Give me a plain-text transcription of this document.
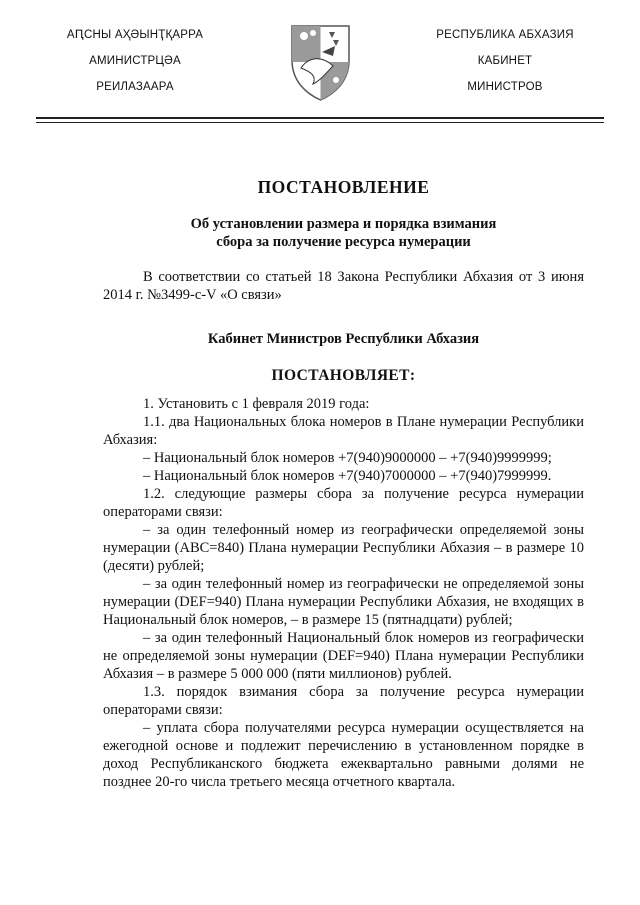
АԤСНЫ АҲӘЫНҬҚАРРА
АМИНИСТРЦӘА
РЕИЛАЗААРА
РЕСПУБЛИКА АБХАЗИЯ
КАБИНЕТ
МИНИСТРОВ

ПОСТАНОВЛЕНИЕ

Об установлении размера и порядка взимания
сбора за получение ресурса нумерации

В соответствии со статьей 18 Закона Республики Абхазия от 3 июня 2014 г. №3499-с-V «О связи»

Кабинет Министров Республики Абхазия
ПОСТАНОВЛЯЕТ:

1. Установить с 1 февраля 2019 года:

1.1. два Национальных блока номеров в Плане нумерации Республики Абхазия:

– Национальный блок номеров +7(940)9000000 – +7(940)9999999;

– Национальный блок номеров +7(940)7000000 – +7(940)7999999.

1.2. следующие размеры сбора за получение ресурса нумерации операторами связи:

– за один телефонный номер из географически определяемой зоны нумерации (ABC=840) Плана нумерации Республики Абхазия – в размере 10 (десяти) рублей;

– за один телефонный номер из географически не определяемой зоны нумерации (DEF=940) Плана нумерации Республики Абхазия, не входящих в Национальный блок номеров, – в размере 15 (пятнадцати) рублей;

– за один телефонный Национальный блок номеров из географически не определяемой зоны нумерации (DEF=940) Плана нумерации Республики Абхазия – в размере 5 000 000 (пяти миллионов) рублей.

1.3. порядок взимания сбора за получение ресурса нумерации операторами связи:

– уплата сбора получателями ресурса нумерации осуществляется на ежегодной основе и подлежит перечислению в установленном порядке в доход Республиканского бюджета ежеквартально равными долями не позднее 20-го числа третьего месяца отчетного квартала.
